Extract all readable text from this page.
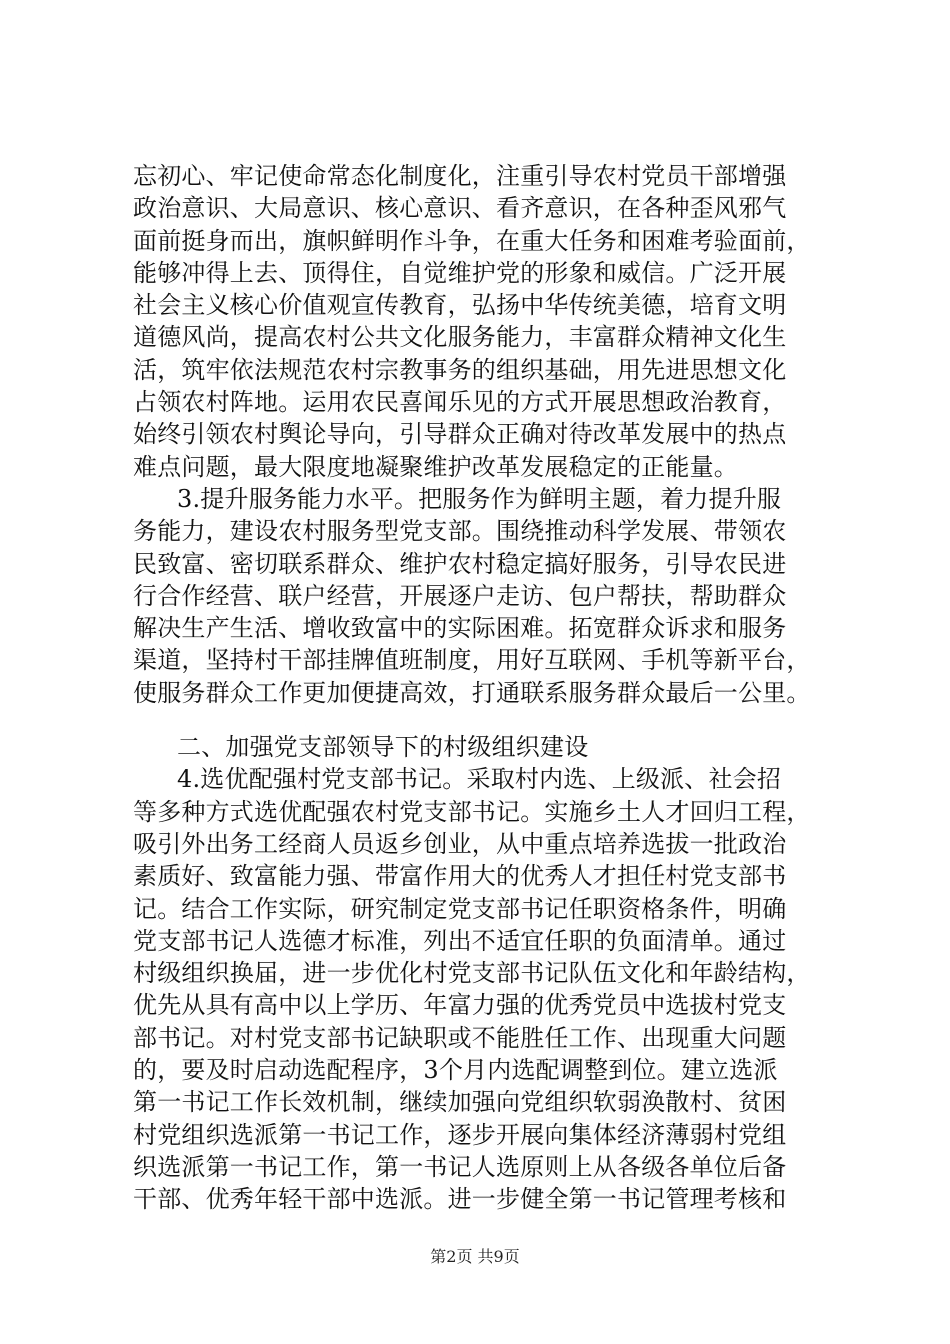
忘初心、牢记使命常态化制度化，注重引导农村党员干部增强
政治意识、大局意识、核心意识、看齐意识，在各种歪风邪气
面前挺身而出，旗帜鲜明作斗争，在重大任务和困难考验面前，
能够冲得上去、顶得住，自觉维护党的形象和威信。广泛开展
社会主义核心价值观宣传教育，弘扬中华传统美德，培育文明
道德风尚，提高农村公共文化服务能力，丰富群众精神文化生
活，筑牢依法规范农村宗教事务的组织基础，用先进思想文化
占领农村阵地。运用农民喜闻乐见的方式开展思想政治教育，
始终引领农村舆论导向，引导群众正确对待改革发展中的热点
难点问题，最大限度地凝聚维护改革发展稳定的正能量。
3.提升服务能力水平。把服务作为鲜明主题，着力提升服
务能力，建设农村服务型党支部。围绕推动科学发展、带领农
民致富、密切联系群众、维护农村稳定搞好服务，引导农民进
行合作经营、联户经营，开展逐户走访、包户帮扶，帮助群众
解决生产生活、增收致富中的实际困难。拓宽群众诉求和服务
渠道，坚持村干部挂牌值班制度，用好互联网、手机等新平台，
使服务群众工作更加便捷高效，打通联系服务群众最后一公里。
二、加强党支部领导下的村级组织建设
4.选优配强村党支部书记。采取村内选、上级派、社会招
等多种方式选优配强农村党支部书记。实施乡土人才回归工程，
吸引外出务工经商人员返乡创业，从中重点培养选拔一批政治
素质好、致富能力强、带富作用大的优秀人才担任村党支部书
记。结合工作实际，研究制定党支部书记任职资格条件，明确
党支部书记人选德才标准，列出不适宜任职的负面清单。通过
村级组织换届，进一步优化村党支部书记队伍文化和年龄结构，
优先从具有高中以上学历、年富力强的优秀党员中选拔村党支
部书记。对村党支部书记缺职或不能胜任工作、出现重大问题
的，要及时启动选配程序，3个月内选配调整到位。建立选派
第一书记工作长效机制，继续加强向党组织软弱涣散村、贫困
村党组织选派第一书记工作，逐步开展向集体经济薄弱村党组
织选派第一书记工作，第一书记人选原则上从各级各单位后备
干部、优秀年轻干部中选派。进一步健全第一书记管理考核和
第2页 共9页
